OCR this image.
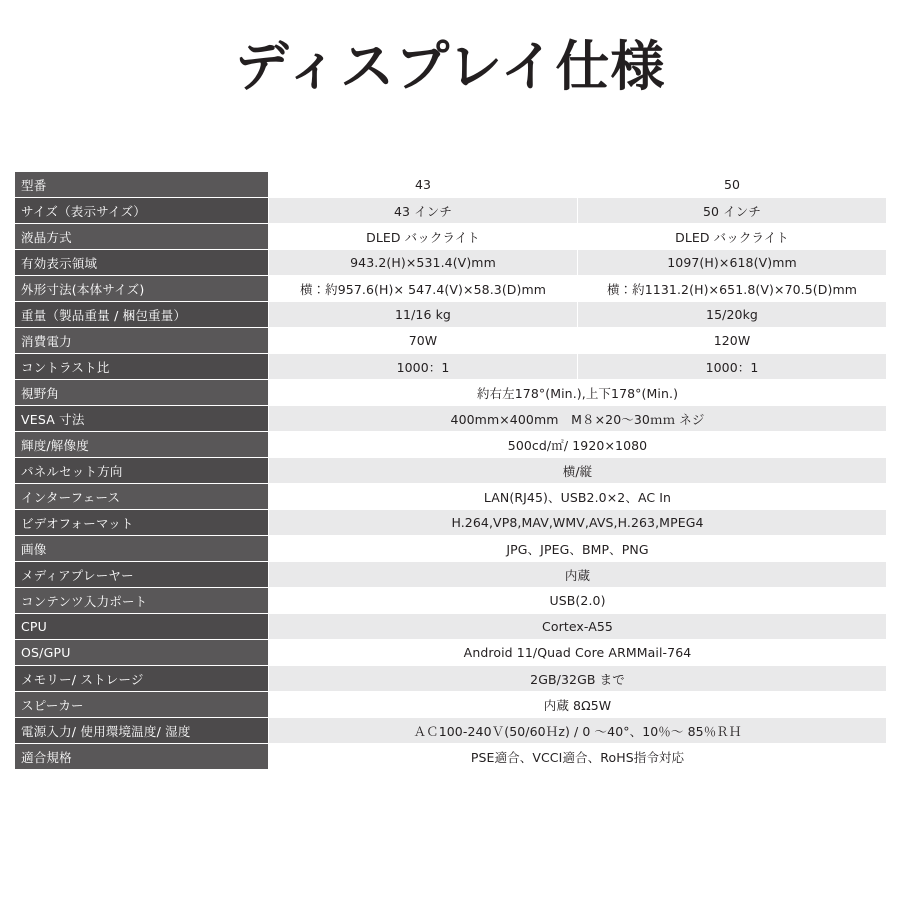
ディスプレイ仕様
型番	43	50
サイズ（表示サイズ）	43 インチ	50 インチ
液晶方式	DLED バックライト	DLED バックライト
有効表示領域	943.2(H)×531.4(V)mm	1097(H)×618(V)mm
外形寸法(本体サイズ)	横：約957.6(H)× 547.4(V)×58.3(D)mm	横：約1131.2(H)×651.8(V)×70.5(D)mm
重量（製品重量 / 梱包重量）	11/16 kg	15/20kg
消費電力	70W	120W
コントラスト比	1000：1	1000：1
視野角	約右左178°(Min.),上下178°(Min.)	
VESA 寸法	400mm×400mm　M８×20〜30ｍｍ ネジ	
輝度/解像度	500cd/㎡/ 1920×1080	
パネルセット方向	横/縦	
インターフェース	LAN(RJ45)、USB2.0×2、AC In	
ビデオフォーマット	H.264,VP8,MAV,WMV,AVS,H.263,MPEG4	
画像	JPG、JPEG、BMP、PNG	
メディアプレーヤー	内蔵	
コンテンツ入力ポート	USB(2.0)	
CPU	Cortex-A55	
OS/GPU	Android 11/Quad Core ARMMail-764	
メモリー/ ストレージ	2GB/32GB まで	
スピーカー	内蔵 8Ω5W	
電源入力/ 使用環境温度/ 湿度	ＡＣ100-240Ｖ(50/60Ｈz) / 0 〜40°、10％〜 85％ＲＨ	
適合規格	PSE適合、VCCI適合、RoHS指令対応	
